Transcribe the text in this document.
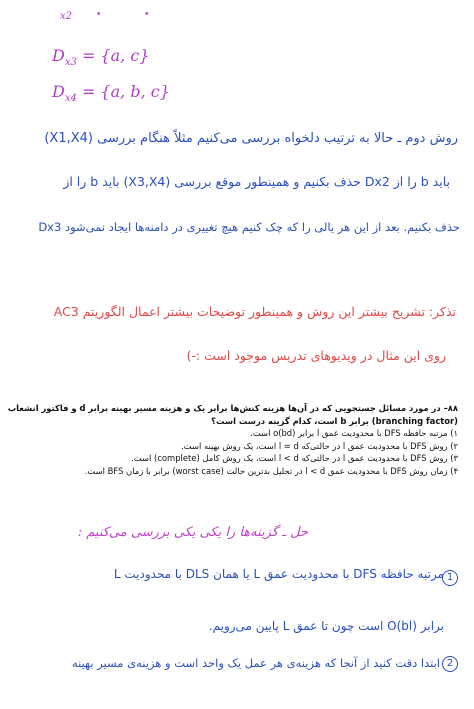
x2	• •
$D_{x3} = \{a$, c}
$D_{x4} = \{a$, b, c}
روش دوم ـ حالا به ترتیب دلخواه بررسی می‌کنیم مثلاً هنگام بررسی (X1,X4)
باید b را از Dx2 حذف بکنیم و همینطور موقع بررسی (X3,X4) باید b را از
Dx3 حذف بکنیم. بعد از این هر یالی را که چک کنیم هیچ تغییری در دامنه‌ها ایجاد نمی‌شود
تذکر: تشریح بیشتر این روش و همینطور توضیحات بیشتر اعمال الگوریتم AC3
روی این مثال در ویدیوهای تدریس موجود است :-)
۸۸– در مورد مسائل جستجویی که در آن‌ها هزینه کنش‌ها برابر یک و هزینه مسیر بهینه برابر d و فاکتور انشعاب
(branching factor) برابر b است، کدام گزینه درست است؟
۱) مرتبه حافظه DFS با محدودیت عمق l برابر o(bd) است.
۲) روش DFS با محدودیت عمق l در حالتی‌که l = d است، یک روش بهینه است.
۳) روش DFS با محدودیت عمق l در حالتی‌که l < d است، یک روش کامل (complete) است.
۴) زمان روش DFS با محدودیت عمق l < d در تحلیل بدترین حالت (worst case) برابر با زمان BFS است.
حل ـ گزینه‌ها را یکی یکی بررسی می‌کنیم :
مرتبه حافظه DFS با محدودیت عمق L یا همان DLS با محدودیت L 1
برابر O(bl) است چون تا عمق L پایین می‌رویم.
ابتدا دقت کنید از آنجا که هزینه‌ی هر عمل یک واحد است و هزینه‌ی مسیر بهینه 2
